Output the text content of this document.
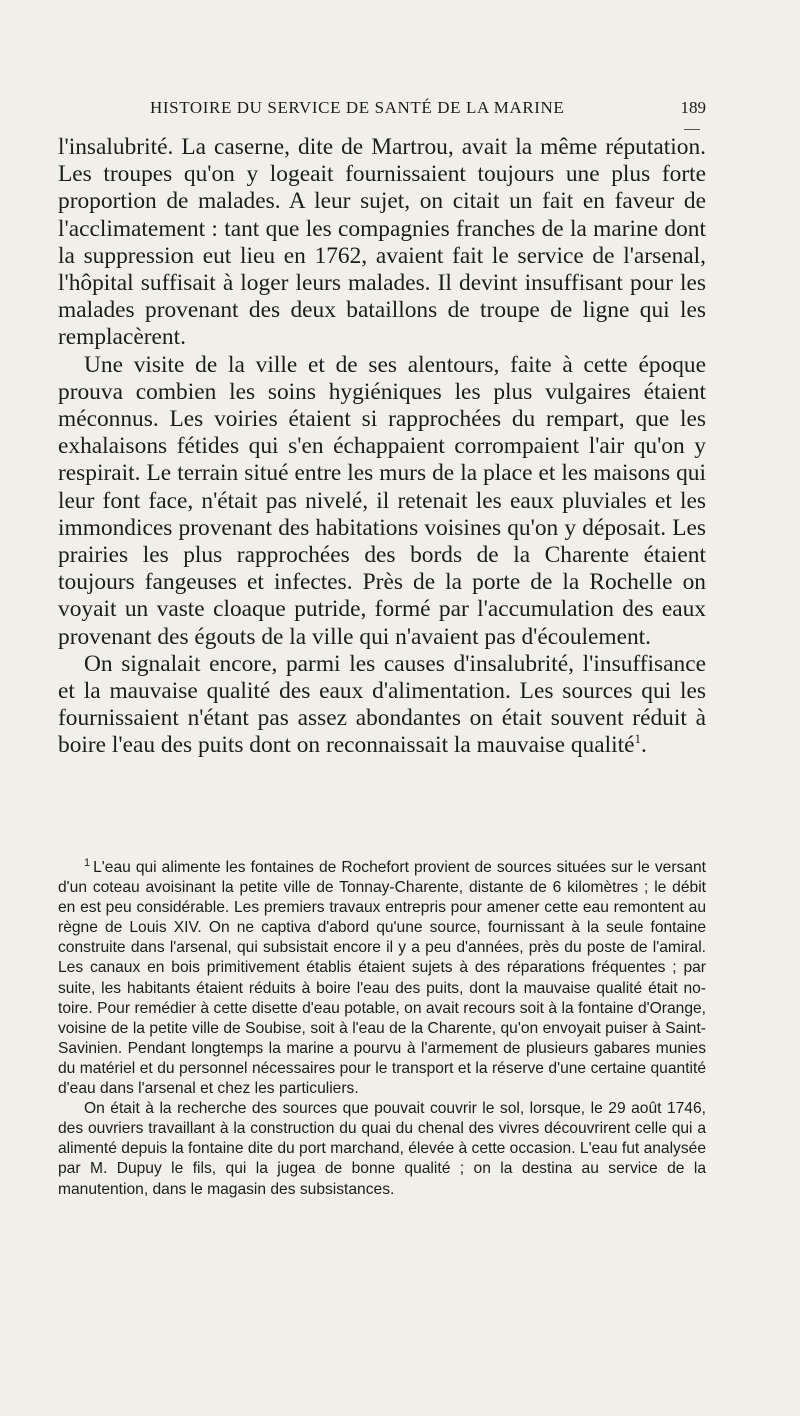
HISTOIRE DU SERVICE DE SANTÉ DE LA MARINE	189

l'insalubrité. La caserne, dite de Martrou, avait la même réputation. Les troupes qu'on y logeait fournissaient toujours une plus forte proportion de malades. A leur sujet, on citait un fait en faveur de l'acclimatement : tant que les compagnies franches de la marine dont la suppression eut lieu en 1762, avaient fait le service de l'arsenal, l'hôpital suffisait à loger leurs malades. Il devint insuffisant pour les malades provenant des deux bataillons de troupe de ligne qui les remplacèrent.

Une visite de la ville et de ses alentours, faite à cette époque prouva combien les soins hygiéniques les plus vulgaires étaient méconnus. Les voiries étaient si rapprochées du rempart, que les exhalaisons fétides qui s'en échappaient corrompaient l'air qu'on y respirait. Le terrain situé entre les murs de la place et les maisons qui leur font face, n'était pas nivelé, il retenait les eaux pluviales et les immondices provenant des habitations voisines qu'on y déposait. Les prairies les plus rapprochées des bords de la Charente étaient toujours fangeuses et infectes. Près de la porte de la Rochelle on voyait un vaste cloaque putride, formé par l'accumulation des eaux provenant des égouts de la ville qui n'avaient pas d'écoulement.

On signalait encore, parmi les causes d'insalubrité, l'insuffisance et la mauvaise qualité des eaux d'alimentation. Les sources qui les fournissaient n'étant pas assez abondantes on était souvent réduit à boire l'eau des puits dont on reconnaissait la mauvaise qualité$^1$.

$^1$ L'eau qui alimente les fontaines de Rochefort provient de sources situées sur le versant d'un coteau avoisinant la petite ville de Tonnay-Charente, distante de 6 kilomètres ; le débit en est peu considérable. Les premiers travaux entrepris pour amener cette eau remontent au règne de Louis XIV. On ne captiva d'abord qu'une source, fournissant à la seule fontaine construite dans l'arsenal, qui subsistait encore il y a peu d'années, près du poste de l'amiral. Les canaux en bois primitivement établis étaient sujets à des réparations fréquentes ; par suite, les habitants étaient réduits à boire l'eau des puits, dont la mauvaise qualité était notoire. Pour remédier à cette disette d'eau potable, on avait recours soit à la fontaine d'Orange, voisine de la petite ville de Soubise, soit à l'eau de la Charente, qu'on envoyait puiser à Saint-Savinien. Pendant longtemps la marine a pourvu à l'armement de plusieurs gabares munies du matériel et du personnel nécessaires pour le transport et la réserve d'une certaine quantité d'eau dans l'arsenal et chez les particuliers.

On était à la recherche des sources que pouvait couvrir le sol, lorsque, le 29 août 1746, des ouvriers travaillant à la construction du quai du chenal des vivres découvrirent celle qui a alimenté depuis la fontaine dite du port marchand, élevée à cette occasion. L'eau fut analysée par M. Dupuy le fils, qui la jugea de bonne qualité ; on la destina au service de la manutention, dans le magasin des subsistances.
